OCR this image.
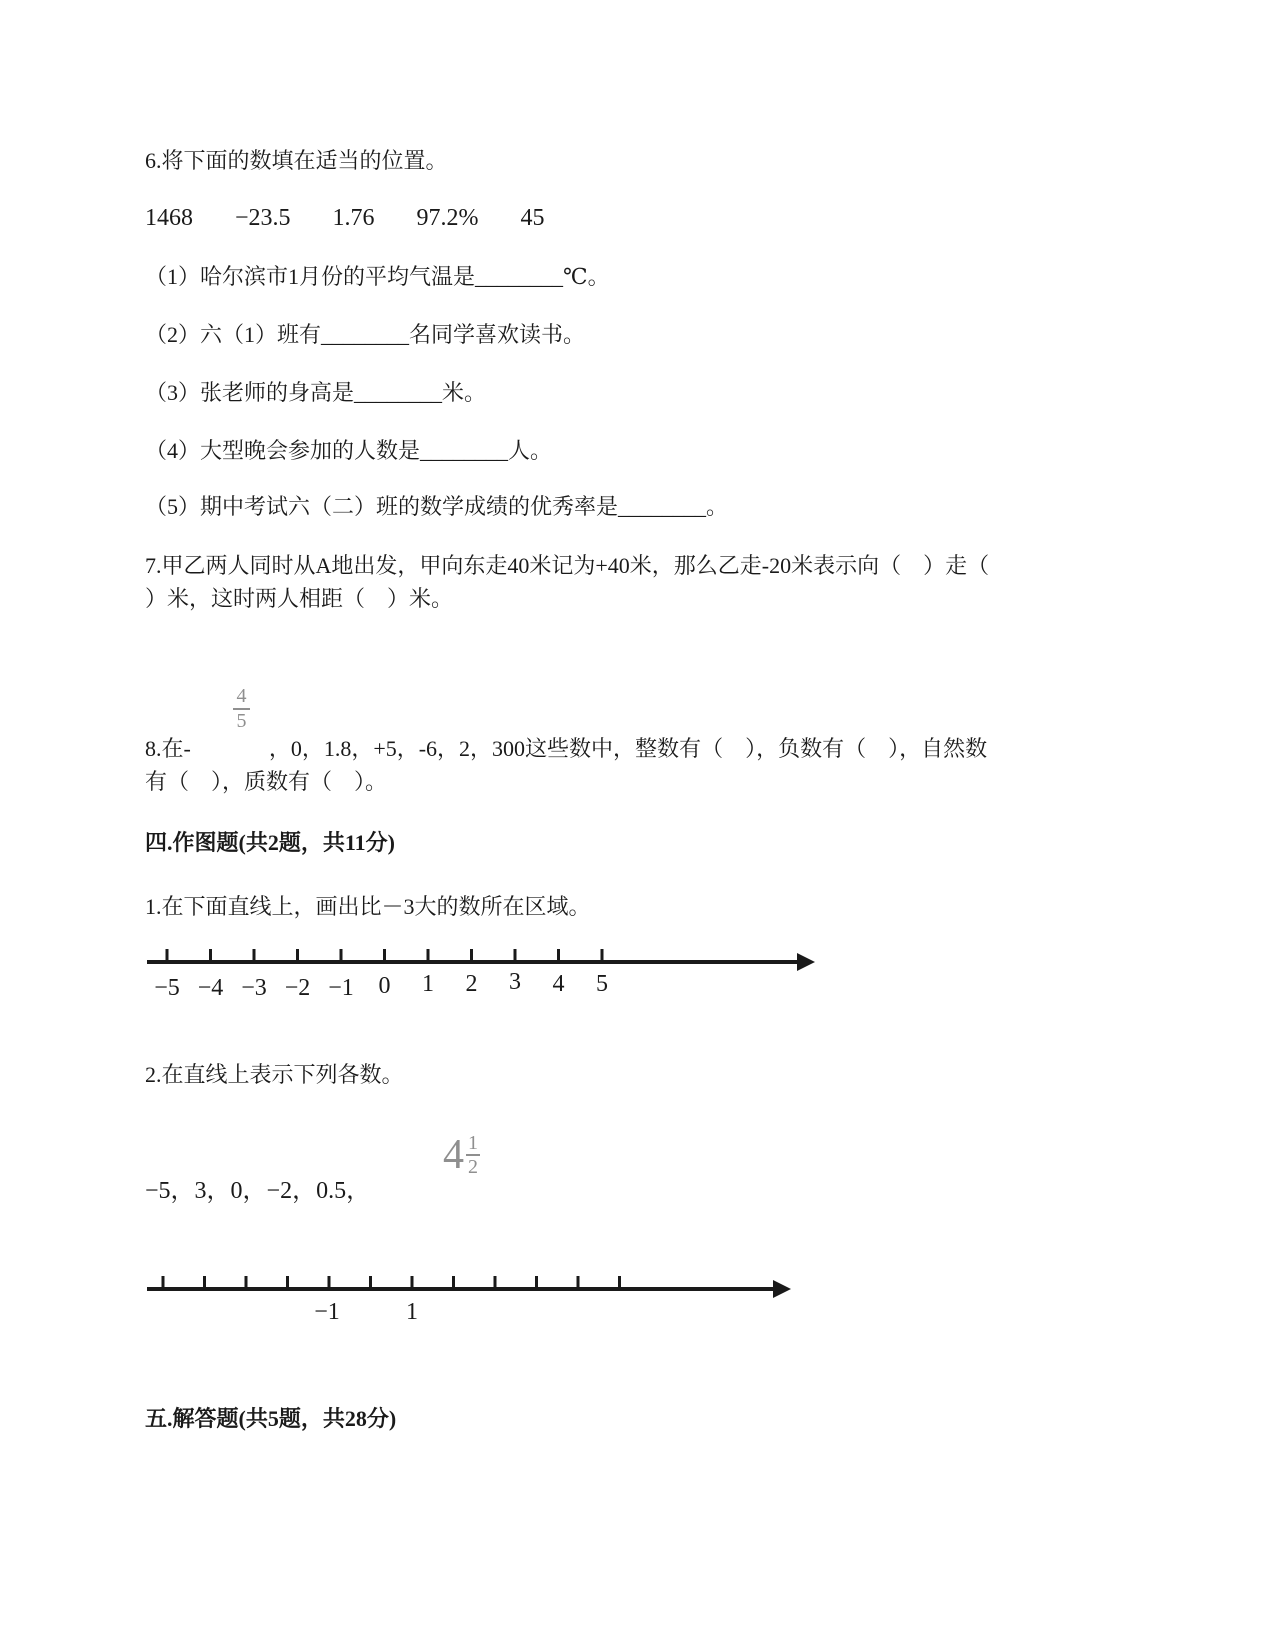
6.将下面的数填在适当的位置。
1468 −23.5 1.76 97.2% 45
（1）哈尔滨市1月份的平均气温是________℃。
（2）六（1）班有________名同学喜欢读书。
（3）张老师的身高是________米。
（4）大型晚会参加的人数是________人。
（5）期中考试六（二）班的数学成绩的优秀率是________。
7.甲乙两人同时从A地出发，甲向东走40米记为+40米，那么乙走-20米表示向（　）走（
）米，这时两人相距（　）米。
4
5
8.在-	，0，1.8，+5，-6，2，300这些数中，整数有（　），负数有（　），自然数
有（　），质数有（　）。
四.作图题(共2题，共11分)
1.在下面直线上，画出比－3大的数所在区域。
−5 −4 −3 −2 −1 0 1 2 3 4 5
2.在直线上表示下列各数。
4 1
2
−5，3，0，−2，0.5，
−1	1
五.解答题(共5题，共28分)
